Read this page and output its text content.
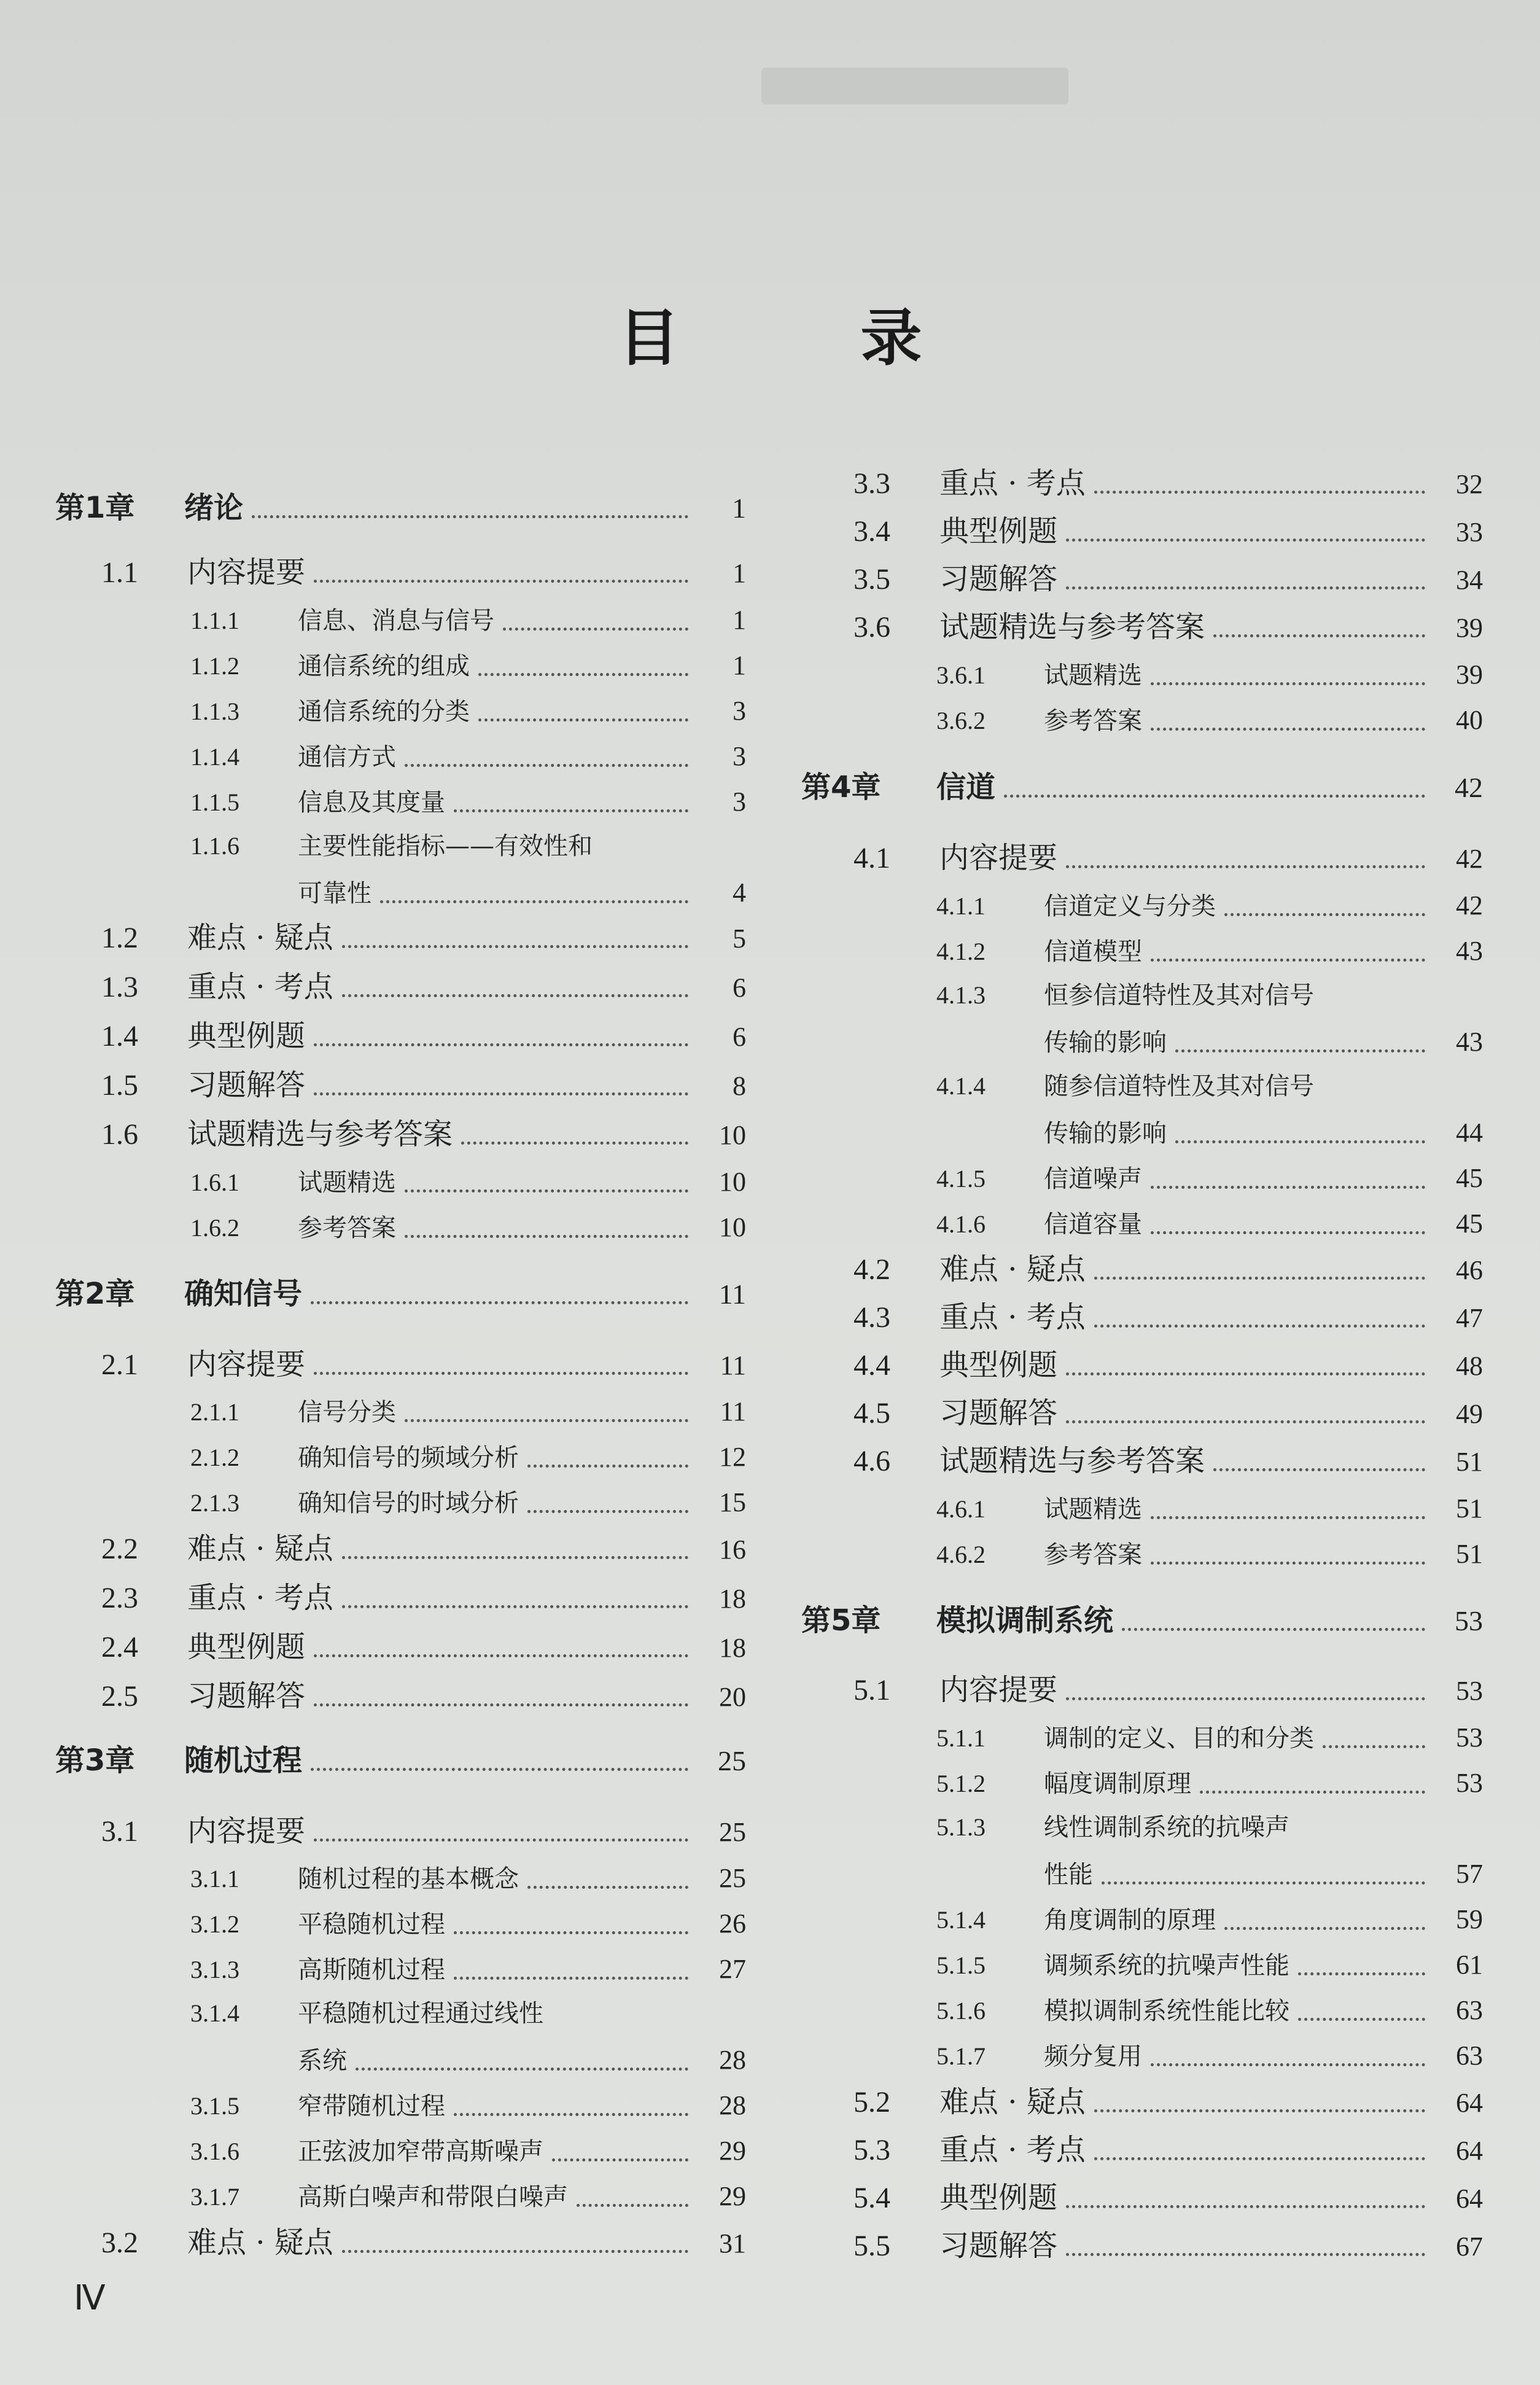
目 录
第1章	绪论	1
1.1	内容提要	1
1.1.1	信息、消息与信号	1
1.1.2	通信系统的组成	1
1.1.3	通信系统的分类	3
1.1.4	通信方式	3
1.1.5	信息及其度量	3
1.1.6	主要性能指标——有效性和
可靠性	4
1.2	难点 · 疑点	5
1.3	重点 · 考点	6
1.4	典型例题	6
1.5	习题解答	8
1.6	试题精选与参考答案	10
1.6.1	试题精选	10
1.6.2	参考答案	10
第2章	确知信号	11
2.1	内容提要	11
2.1.1	信号分类	11
2.1.2	确知信号的频域分析	12
2.1.3	确知信号的时域分析	15
2.2	难点 · 疑点	16
2.3	重点 · 考点	18
2.4	典型例题	18
2.5	习题解答	20
第3章	随机过程	25
3.1	内容提要	25
3.1.1	随机过程的基本概念	25
3.1.2	平稳随机过程	26
3.1.3	高斯随机过程	27
3.1.4	平稳随机过程通过线性
系统	28
3.1.5	窄带随机过程	28
3.1.6	正弦波加窄带高斯噪声	29
3.1.7	高斯白噪声和带限白噪声	29
3.2	难点 · 疑点	31
3.3	重点 · 考点	32
3.4	典型例题	33
3.5	习题解答	34
3.6	试题精选与参考答案	39
3.6.1	试题精选	39
3.6.2	参考答案	40
第4章	信道	42
4.1	内容提要	42
4.1.1	信道定义与分类	42
4.1.2	信道模型	43
4.1.3	恒参信道特性及其对信号
传输的影响	43
4.1.4	随参信道特性及其对信号
传输的影响	44
4.1.5	信道噪声	45
4.1.6	信道容量	45
4.2	难点 · 疑点	46
4.3	重点 · 考点	47
4.4	典型例题	48
4.5	习题解答	49
4.6	试题精选与参考答案	51
4.6.1	试题精选	51
4.6.2	参考答案	51
第5章	模拟调制系统	53
5.1	内容提要	53
5.1.1	调制的定义、目的和分类	53
5.1.2	幅度调制原理	53
5.1.3	线性调制系统的抗噪声
性能	57
5.1.4	角度调制的原理	59
5.1.5	调频系统的抗噪声性能	61
5.1.6	模拟调制系统性能比较	63
5.1.7	频分复用	63
5.2	难点 · 疑点	64
5.3	重点 · 考点	64
5.4	典型例题	64
5.5	习题解答	67
Ⅳ
